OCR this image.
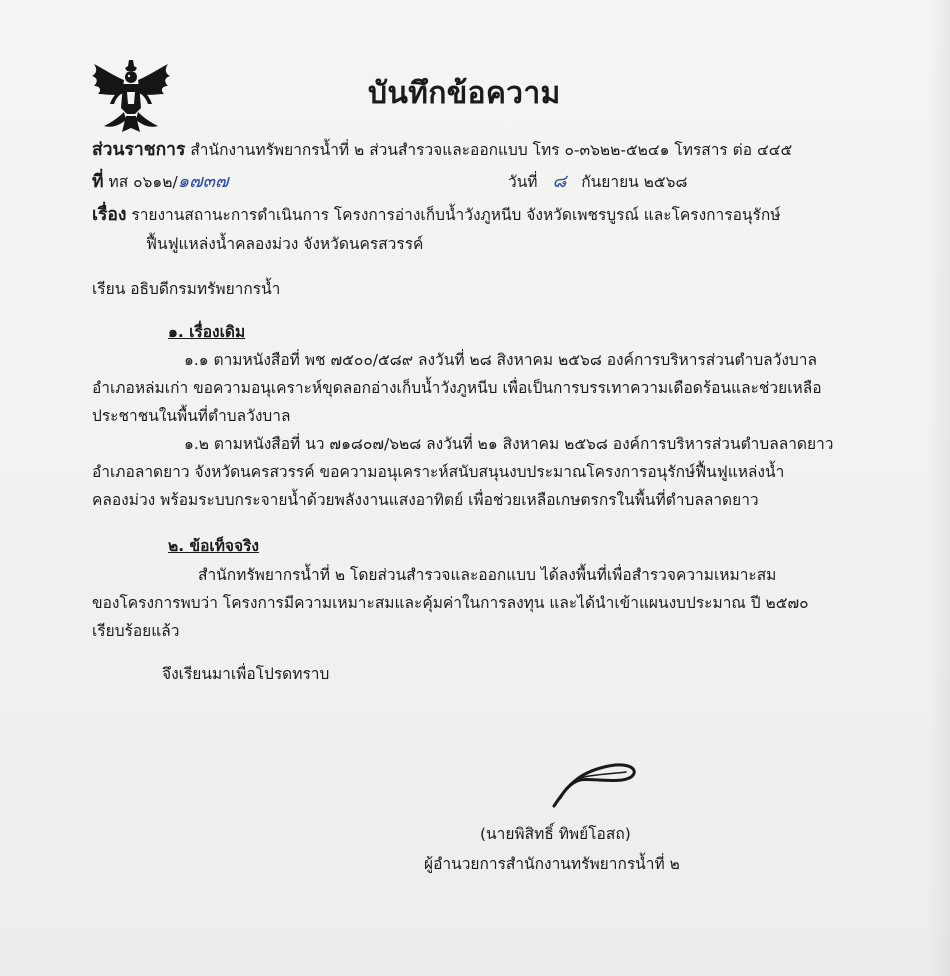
บันทึกข้อความ
ส่วนราชการ สำนักงานทรัพยากรน้ำที่ ๒ ส่วนสำรวจและออกแบบ โทร ๐-๓๖๒๒-๕๒๔๑ โทรสาร ต่อ ๔๔๕
ที่ ทส ๐๖๑๒/๑๗๓๗	วันที่ ๘ กันยายน ๒๕๖๘
เรื่อง รายงานสถานะการดำเนินการ โครงการอ่างเก็บน้ำวังภูหนีบ จังหวัดเพชรบูรณ์ และโครงการอนุรักษ์
ฟื้นฟูแหล่งน้ำคลองม่วง จังหวัดนครสวรรค์
เรียน อธิบดีกรมทรัพยากรน้ำ
๑. เรื่องเดิม
๑.๑ ตามหนังสือที่ พช ๗๕๐๐/๕๘๙ ลงวันที่ ๒๘ สิงหาคม ๒๕๖๘ องค์การบริหารส่วนตำบลวังบาล
อำเภอหล่มเก่า ขอความอนุเคราะห์ขุดลอกอ่างเก็บน้ำวังภูหนีบ เพื่อเป็นการบรรเทาความเดือดร้อนและช่วยเหลือ
ประชาชนในพื้นที่ตำบลวังบาล
๑.๒ ตามหนังสือที่ นว ๗๑๘๐๗/๖๒๘ ลงวันที่ ๒๑ สิงหาคม ๒๕๖๘ องค์การบริหารส่วนตำบลลาดยาว
อำเภอลาดยาว จังหวัดนครสวรรค์ ขอความอนุเคราะห์สนับสนุนงบประมาณโครงการอนุรักษ์ฟื้นฟูแหล่งน้ำ
คลองม่วง พร้อมระบบกระจายน้ำด้วยพลังงานแสงอาทิตย์ เพื่อช่วยเหลือเกษตรกรในพื้นที่ตำบลลาดยาว
๒. ข้อเท็จจริง
สำนักทรัพยากรน้ำที่ ๒ โดยส่วนสำรวจและออกแบบ ได้ลงพื้นที่เพื่อสำรวจความเหมาะสม
ของโครงการพบว่า โครงการมีความเหมาะสมและคุ้มค่าในการลงทุน และได้นำเข้าแผนงบประมาณ ปี ๒๕๗๐
เรียบร้อยแล้ว
จึงเรียนมาเพื่อโปรดทราบ
(นายพิสิทธิ์ ทิพย์โอสถ)
ผู้อำนวยการสำนักงานทรัพยากรน้ำที่ ๒
